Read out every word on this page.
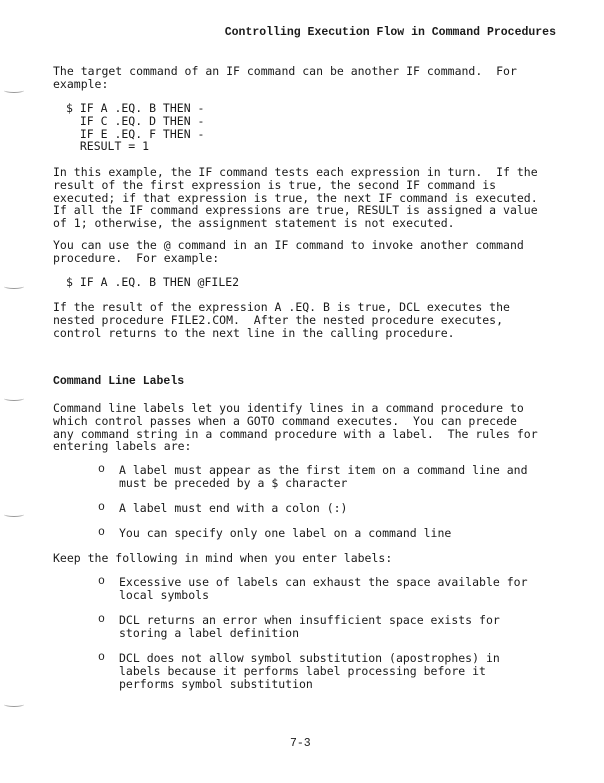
Controlling Execution Flow in Command Procedures
The target command of an IF command can be another IF command.  For
example:
$ IF A .EQ. B THEN -
IF C .EQ. D THEN -
IF E .EQ. F THEN -
RESULT = 1
In this example, the IF command tests each expression in turn.  If the
result of the first expression is true, the second IF command is
executed; if that expression is true, the next IF command is executed.
If all the IF command expressions are true, RESULT is assigned a value
of 1; otherwise, the assignment statement is not executed.
You can use the @ command in an IF command to invoke another command
procedure.  For example:
$ IF A .EQ. B THEN @FILE2
If the result of the expression A .EQ. B is true, DCL executes the
nested procedure FILE2.COM.  After the nested procedure executes,
control returns to the next line in the calling procedure.
Command Line Labels
Command line labels let you identify lines in a command procedure to
which control passes when a GOTO command executes.  You can precede
any command string in a command procedure with a label.  The rules for
entering labels are:
o A label must appear as the first item on a command line and
must be preceded by a $ character
o A label must end with a colon (:)
o You can specify only one label on a command line
Keep the following in mind when you enter labels:
o Excessive use of labels can exhaust the space available for
local symbols
o DCL returns an error when insufficient space exists for
storing a label definition
o DCL does not allow symbol substitution (apostrophes) in
labels because it performs label processing before it
performs symbol substitution
7-3
